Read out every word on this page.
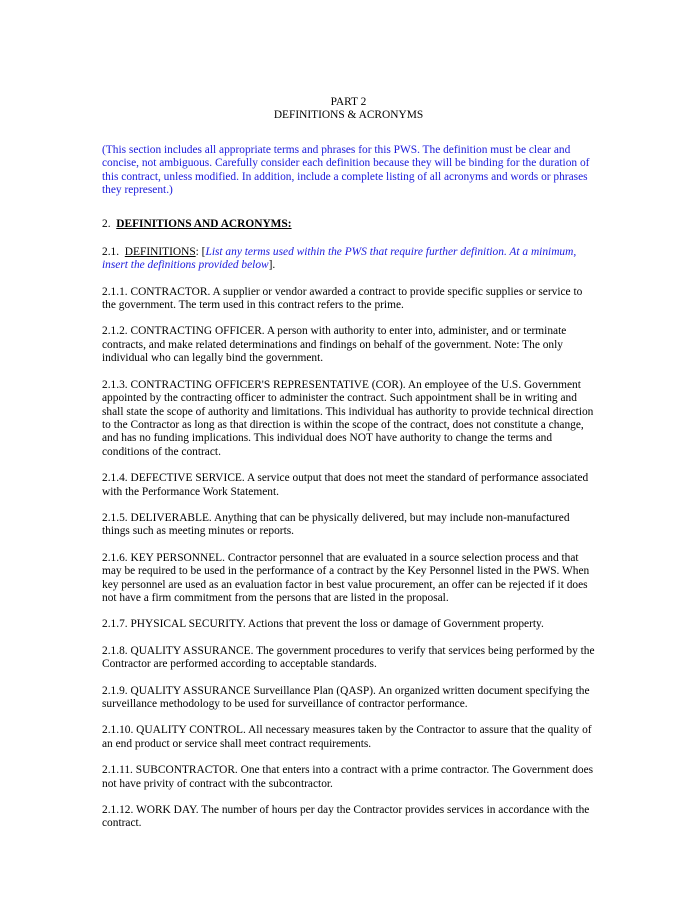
PART 2
DEFINITIONS & ACRONYMS

(This section includes all appropriate terms and phrases for this PWS. The definition must be clear and concise, not ambiguous. Carefully consider each definition because they will be binding for the duration of this contract, unless modified. In addition, include a complete listing of all acronyms and words or phrases they represent.)

2. DEFINITIONS AND ACRONYMS:

2.1. DEFINITIONS: [List any terms used within the PWS that require further definition. At a minimum, insert the definitions provided below].

2.1.1. CONTRACTOR. A supplier or vendor awarded a contract to provide specific supplies or service to the government. The term used in this contract refers to the prime.

2.1.2. CONTRACTING OFFICER. A person with authority to enter into, administer, and or terminate contracts, and make related determinations and findings on behalf of the government. Note: The only individual who can legally bind the government.

2.1.3. CONTRACTING OFFICER'S REPRESENTATIVE (COR). An employee of the U.S. Government appointed by the contracting officer to administer the contract. Such appointment shall be in writing and shall state the scope of authority and limitations. This individual has authority to provide technical direction to the Contractor as long as that direction is within the scope of the contract, does not constitute a change, and has no funding implications. This individual does NOT have authority to change the terms and conditions of the contract.

2.1.4. DEFECTIVE SERVICE. A service output that does not meet the standard of performance associated with the Performance Work Statement.

2.1.5. DELIVERABLE. Anything that can be physically delivered, but may include non-manufactured things such as meeting minutes or reports.

2.1.6. KEY PERSONNEL. Contractor personnel that are evaluated in a source selection process and that may be required to be used in the performance of a contract by the Key Personnel listed in the PWS. When key personnel are used as an evaluation factor in best value procurement, an offer can be rejected if it does not have a firm commitment from the persons that are listed in the proposal.

2.1.7. PHYSICAL SECURITY. Actions that prevent the loss or damage of Government property.

2.1.8. QUALITY ASSURANCE. The government procedures to verify that services being performed by the Contractor are performed according to acceptable standards.

2.1.9. QUALITY ASSURANCE Surveillance Plan (QASP). An organized written document specifying the surveillance methodology to be used for surveillance of contractor performance.

2.1.10. QUALITY CONTROL. All necessary measures taken by the Contractor to assure that the quality of an end product or service shall meet contract requirements.

2.1.11. SUBCONTRACTOR. One that enters into a contract with a prime contractor. The Government does not have privity of contract with the subcontractor.

2.1.12. WORK DAY. The number of hours per day the Contractor provides services in accordance with the contract.
